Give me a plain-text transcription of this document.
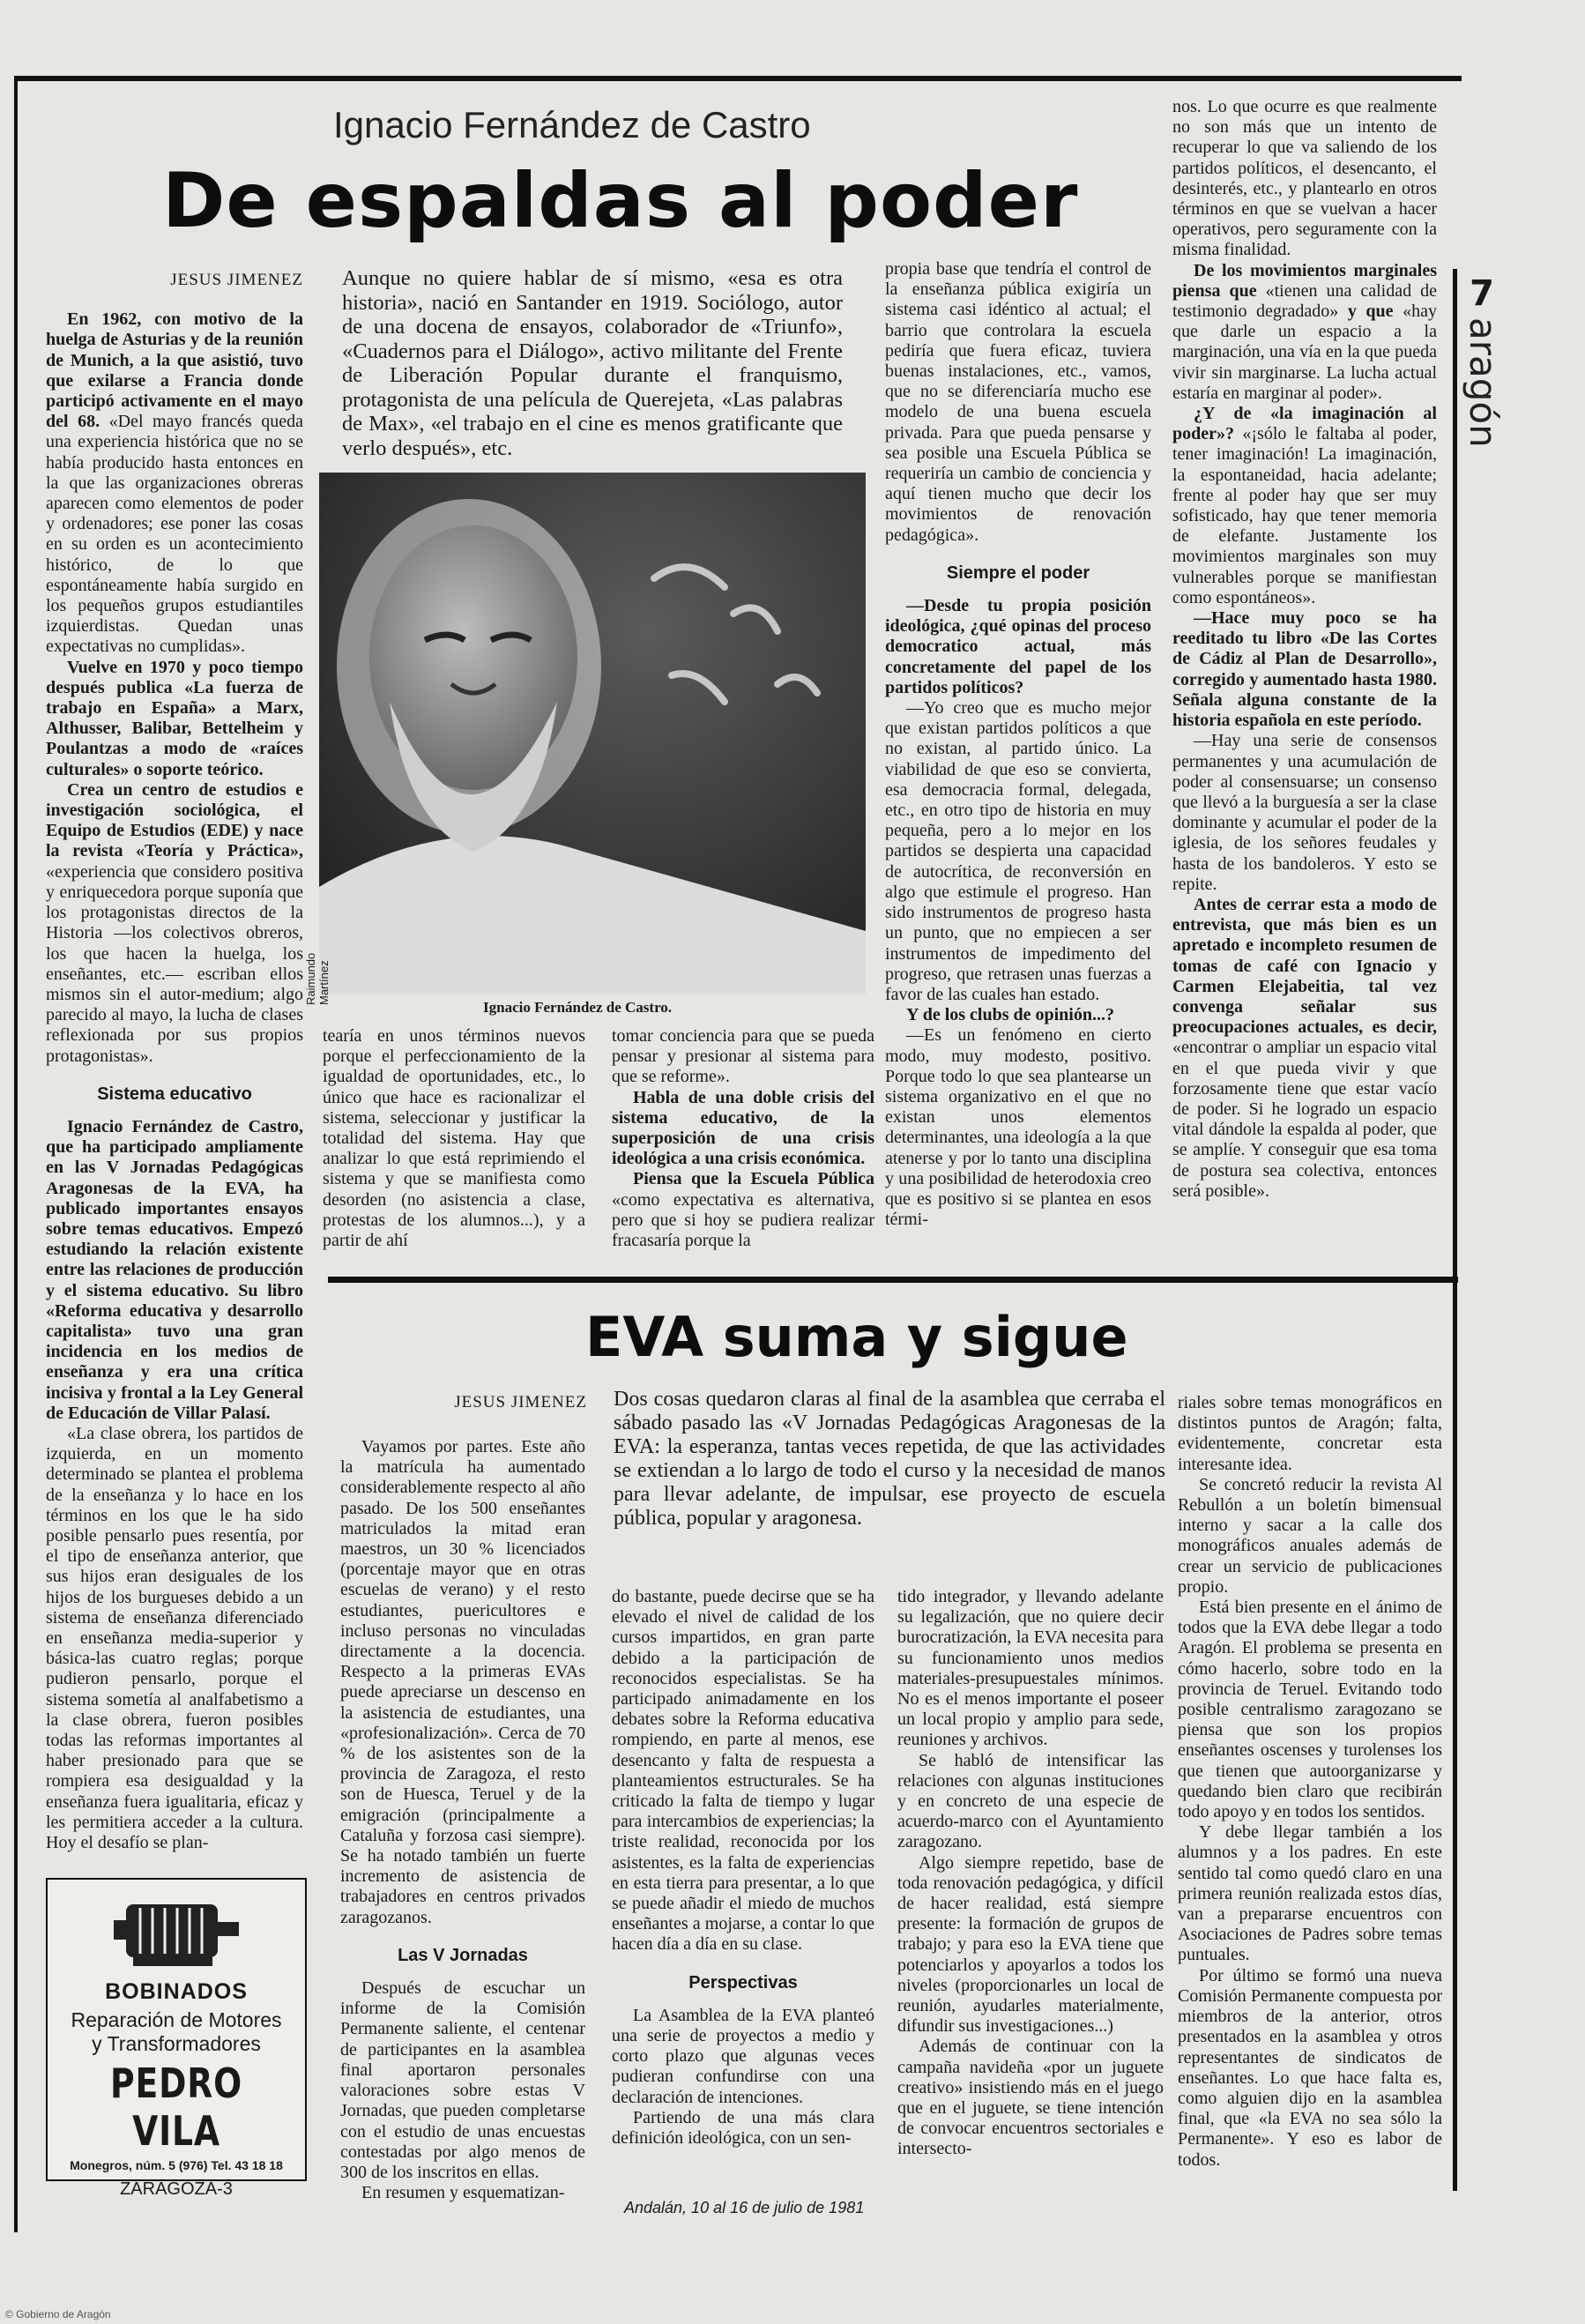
Ignacio Fernández de Castro
De espaldas al poder
7
aragón
JESUS JIMENEZ

En 1962, con motivo de la huelga de Asturias y de la reunión de Munich, a la que asistió, tuvo que exilarse a Francia donde participó activamente en el mayo del 68. «Del mayo francés queda una experiencia histórica que no se había producido hasta entonces en la que las organizaciones obreras aparecen como elementos de poder y ordenadores; ese poner las cosas en su orden es un acontecimiento histórico, de lo que espontáneamente había surgido en los pequeños grupos estudiantiles izquierdistas. Quedan unas expectativas no cumplidas».

Vuelve en 1970 y poco tiempo después publica «La fuerza de trabajo en España» a Marx, Althusser, Balibar, Bettelheim y Poulantzas a modo de «raíces culturales» o soporte teórico.

Crea un centro de estudios e investigación sociológica, el Equipo de Estudios (EDE) y nace la revista «Teoría y Práctica», «experiencia que considero positiva y enriquecedora porque suponía que los protagonistas directos de la Historia —los colectivos obreros, los que hacen la huelga, los enseñantes, etc.— escriban ellos mismos sin el autor-medium; algo parecido al mayo, la lucha de clases reflexionada por sus propios protagonistas».

Sistema educativo

Ignacio Fernández de Castro, que ha participado ampliamente en las V Jornadas Pedagógicas Aragonesas de la EVA, ha publicado importantes ensayos sobre temas educativos. Empezó estudiando la relación existente entre las relaciones de producción y el sistema educativo. Su libro «Reforma educativa y desarrollo capitalista» tuvo una gran incidencia en los medios de enseñanza y era una crítica incisiva y frontal a la Ley General de Educación de Villar Palasí.

«La clase obrera, los partidos de izquierda, en un momento determinado se plantea el problema de la enseñanza y lo hace en los términos en los que le ha sido posible pensarlo pues resentía, por el tipo de enseñanza anterior, que sus hijos eran desiguales de los hijos de los burgueses debido a un sistema de enseñanza diferenciado en enseñanza media-superior y básica-las cuatro reglas; porque pudieron pensarlo, porque el sistema sometía al analfabetismo a la clase obrera, fueron posibles todas las reformas importantes al haber presionado para que se rompiera esa desigualdad y la enseñanza fuera igualitaria, eficaz y les permitiera acceder a la cultura. Hoy el desafío se plan-

Aunque no quiere hablar de sí mismo, «esa es otra historia», nació en Santander en 1919. Sociólogo, autor de una docena de ensayos, colaborador de «Triunfo», «Cuadernos para el Diálogo», activo militante del Frente de Liberación Popular durante el franquismo, protagonista de una película de Querejeta, «Las palabras de Max», «el trabajo en el cine es menos gratificante que verlo después», etc.
Raimundo Martínez
Ignacio Fernández de Castro.

tearía en unos términos nuevos porque el perfeccionamiento de la igualdad de oportunidades, etc., lo único que hace es racionalizar el sistema, seleccionar y justificar la totalidad del sistema. Hay que analizar lo que está reprimiendo el sistema y que se manifiesta como desorden (no asistencia a clase, protestas de los alumnos...), y a partir de ahí

tomar conciencia para que se pueda pensar y presionar al sistema para que se reforme».

Habla de una doble crisis del sistema educativo, de la superposición de una crisis ideológica a una crisis económica.

Piensa que la Escuela Pública «como expectativa es alternativa, pero que si hoy se pudiera realizar fracasaría porque la

propia base que tendría el control de la enseñanza pública exigiría un sistema casi idéntico al actual; el barrio que controlara la escuela pediría que fuera eficaz, tuviera buenas instalaciones, etc., vamos, que no se diferenciaría mucho ese modelo de una buena escuela privada. Para que pueda pensarse y sea posible una Escuela Pública se requeriría un cambio de conciencia y aquí tienen mucho que decir los movimientos de renovación pedagógica».

Siempre el poder

—Desde tu propia posición ideológica, ¿qué opinas del proceso democratico actual, más concretamente del papel de los partidos políticos?

—Yo creo que es mucho mejor que existan partidos políticos a que no existan, al partido único. La viabilidad de que eso se convierta, esa democracia formal, delegada, etc., en otro tipo de historia en muy pequeña, pero a lo mejor en los partidos se despierta una capacidad de autocrítica, de reconversión en algo que estimule el progreso. Han sido instrumentos de progreso hasta un punto, que no empiecen a ser instrumentos de impedimento del progreso, que retrasen unas fuerzas a favor de las cuales han estado.

Y de los clubs de opinión...?

—Es un fenómeno en cierto modo, muy modesto, positivo. Porque todo lo que sea plantearse un sistema organizativo en el que no existan unos elementos determinantes, una ideología a la que atenerse y por lo tanto una disciplina y una posibilidad de heterodoxia creo que es positivo si se plantea en esos térmi-

nos. Lo que ocurre es que realmente no son más que un intento de recuperar lo que va saliendo de los partidos políticos, el desencanto, el desinterés, etc., y plantearlo en otros términos en que se vuelvan a hacer operativos, pero seguramente con la misma finalidad.

De los movimientos marginales piensa que «tienen una calidad de testimonio degradado» y que «hay que darle un espacio a la marginación, una vía en la que pueda vivir sin marginarse. La lucha actual estaría en marginar al poder».

¿Y de «la imaginación al poder»? «¡sólo le faltaba al poder, tener imaginación! La imaginación, la espontaneidad, hacia adelante; frente al poder hay que ser muy sofisticado, hay que tener memoria de elefante. Justamente los movimientos marginales son muy vulnerables porque se manifiestan como espontáneos».

—Hace muy poco se ha reeditado tu libro «De las Cortes de Cádiz al Plan de Desarrollo», corregido y aumentado hasta 1980. Señala alguna constante de la historia española en este período.

—Hay una serie de consensos permanentes y una acumulación de poder al consensuarse; un consenso que llevó a la burguesía a ser la clase dominante y acumular el poder de la iglesia, de los señores feudales y hasta de los bandoleros. Y esto se repite.

Antes de cerrar esta a modo de entrevista, que más bien es un apretado e incompleto resumen de tomas de café con Ignacio y Carmen Elejabeitia, tal vez convenga señalar sus preocupaciones actuales, es decir, «encontrar o ampliar un espacio vital en el que pueda vivir y que forzosamente tiene que estar vacío de poder. Si he logrado un espacio vital dándole la espalda al poder, que se amplíe. Y conseguir que esa toma de postura sea colectiva, entonces será posible».

EVA suma y sigue
JESUS JIMENEZ Dos cosas quedaron claras al final de la asamblea que cerraba el sábado pasado las «V Jornadas Pedagógicas Aragonesas de la EVA: la esperanza, tantas veces repetida, de que las actividades se extiendan a lo largo de todo el curso y la necesidad de manos para llevar adelante, de impulsar, ese proyecto de escuela pública, popular y aragonesa.

Vayamos por partes. Este año la matrícula ha aumentado considerablemente respecto al año pasado. De los 500 enseñantes matriculados la mitad eran maestros, un 30 % licenciados (porcentaje mayor que en otras escuelas de verano) y el resto estudiantes, puericultores e incluso personas no vinculadas directamente a la docencia. Respecto a la primeras EVAs puede apreciarse un descenso en la asistencia de estudiantes, una «profesionalización». Cerca de 70 % de los asistentes son de la provincia de Zaragoza, el resto son de Huesca, Teruel y de la emigración (principalmente a Cataluña y forzosa casi siempre). Se ha notado también un fuerte incremento de asistencia de trabajadores en centros privados zaragozanos.

Las V Jornadas

Después de escuchar un informe de la Comisión Permanente saliente, el centenar de participantes en la asamblea final aportaron personales valoraciones sobre estas V Jornadas, que pueden completarse con el estudio de unas encuestas contestadas por algo menos de 300 de los inscritos en ellas.

En resumen y esquematizan-

do bastante, puede decirse que se ha elevado el nivel de calidad de los cursos impartidos, en gran parte debido a la participación de reconocidos especialistas. Se ha participado animadamente en los debates sobre la Reforma educativa rompiendo, en parte al menos, ese desencanto y falta de respuesta a planteamientos estructurales. Se ha criticado la falta de tiempo y lugar para intercambios de experiencias; la triste realidad, reconocida por los asistentes, es la falta de experiencias en esta tierra para presentar, a lo que se puede añadir el miedo de muchos enseñantes a mojarse, a contar lo que hacen día a día en su clase.

Perspectivas

La Asamblea de la EVA planteó una serie de proyectos a medio y corto plazo que algunas veces pudieran confundirse con una declaración de intenciones.

Partiendo de una más clara definición ideológica, con un sen-

tido integrador, y llevando adelante su legalización, que no quiere decir burocratización, la EVA necesita para su funcionamiento unos medios materiales-presupuestales mínimos. No es el menos importante el poseer un local propio y amplio para sede, reuniones y archivos.

Se habló de intensificar las relaciones con algunas instituciones y en concreto de una especie de acuerdo-marco con el Ayuntamiento zaragozano.

Algo siempre repetido, base de toda renovación pedagógica, y difícil de hacer realidad, está siempre presente: la formación de grupos de trabajo; y para eso la EVA tiene que potenciarlos y apoyarlos a todos los niveles (proporcionarles un local de reunión, ayudarles materialmente, difundir sus investigaciones...)

Además de continuar con la campaña navideña «por un juguete creativo» insistiendo más en el juego que en el juguete, se tiene intención de convocar encuentros sectoriales e intersecto-

riales sobre temas monográficos en distintos puntos de Aragón; falta, evidentemente, concretar esta interesante idea.

Se concretó reducir la revista Al Rebullón a un boletín bimensual interno y sacar a la calle dos monográficos anuales además de crear un servicio de publicaciones propio.

Está bien presente en el ánimo de todos que la EVA debe llegar a todo Aragón. El problema se presenta en cómo hacerlo, sobre todo en la provincia de Teruel. Evitando todo posible centralismo zaragozano se piensa que son los propios enseñantes oscenses y turolenses los que tienen que autoorganizarse y quedando bien claro que recibirán todo apoyo y en todos los sentidos.

Y debe llegar también a los alumnos y a los padres. En este sentido tal como quedó claro en una primera reunión realizada estos días, van a prepararse encuentros con Asociaciones de Padres sobre temas puntuales.

Por último se formó una nueva Comisión Permanente compuesta por miembros de la anterior, otros presentados en la asamblea y otros representantes de sindicatos de enseñantes. Lo que hace falta es, como alguien dijo en la asamblea final, que «la EVA no sea sólo la Permanente». Y eso es labor de todos.

BOBINADOS
Reparación de Motores
y Transformadores
PEDRO VILA
Monegros, núm. 5 (976) Tel. 43 18 18
ZARAGOZA-3
Andalán, 10 al 16 de julio de 1981
© Gobierno de Aragón
